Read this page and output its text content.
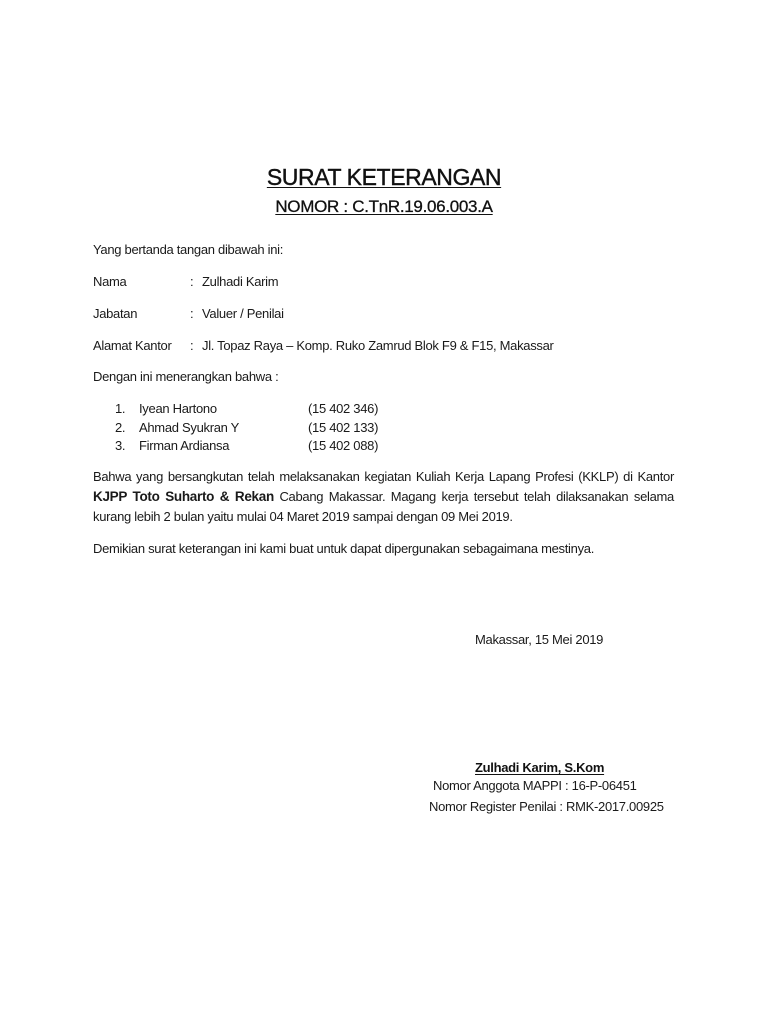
SURAT KETERANGAN
NOMOR : C.TnR.19.06.003.A
Yang bertanda tangan dibawah ini:
Nama	: Zulhadi Karim
Jabatan	: Valuer / Penilai
Alamat Kantor : Jl. Topaz Raya – Komp. Ruko Zamrud Blok F9 & F15, Makassar
Dengan ini menerangkan bahwa :
1. Iyean Hartono	(15 402 346)
2. Ahmad Syukran Y	(15 402 133)
3. Firman Ardiansa	(15 402 088)
Bahwa yang bersangkutan telah melaksanakan kegiatan Kuliah Kerja Lapang Profesi (KKLP) di Kantor KJPP Toto Suharto & Rekan Cabang Makassar. Magang kerja tersebut telah dilaksanakan selama kurang lebih 2 bulan yaitu mulai 04 Maret 2019 sampai dengan 09 Mei 2019.
Demikian surat keterangan ini kami buat untuk dapat dipergunakan sebagaimana mestinya.
Makassar, 15 Mei 2019
Zulhadi Karim, S.Kom
Nomor Anggota MAPPI : 16-P-06451
Nomor Register Penilai : RMK-2017.00925
